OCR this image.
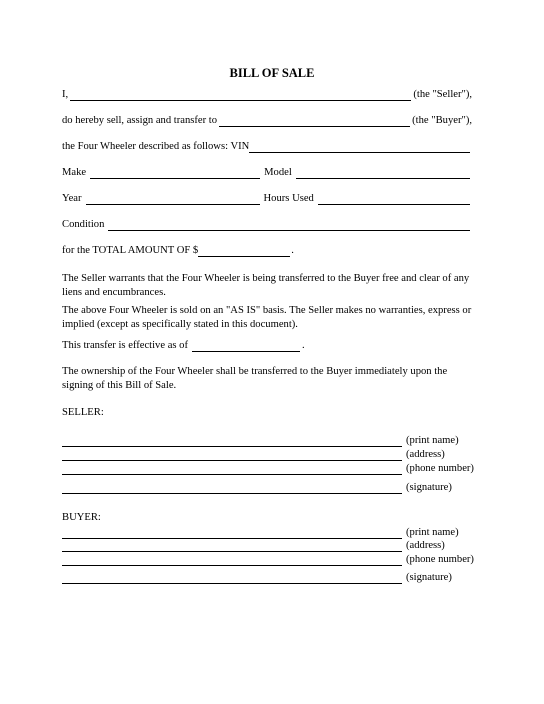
BILL OF SALE
I,	(the "Seller"),
do hereby sell, assign and transfer to	(the "Buyer"),
the Four Wheeler described as follows: VIN
Make	Model
Year	Hours Used
Condition
for the TOTAL AMOUNT OF $	.
The Seller warrants that the Four Wheeler is being transferred to the Buyer free and clear of any liens and encumbrances.
The above Four Wheeler is sold on an "AS IS" basis. The Seller makes no warranties, express or implied (except as specifically stated in this document).
This transfer is effective as of	.
The ownership of the Four Wheeler shall be transferred to the Buyer immediately upon the signing of this Bill of Sale.
SELLER:
(print name)
(address)
(phone number)
(signature)
BUYER:
(print name)
(address)
(phone number)
(signature)
